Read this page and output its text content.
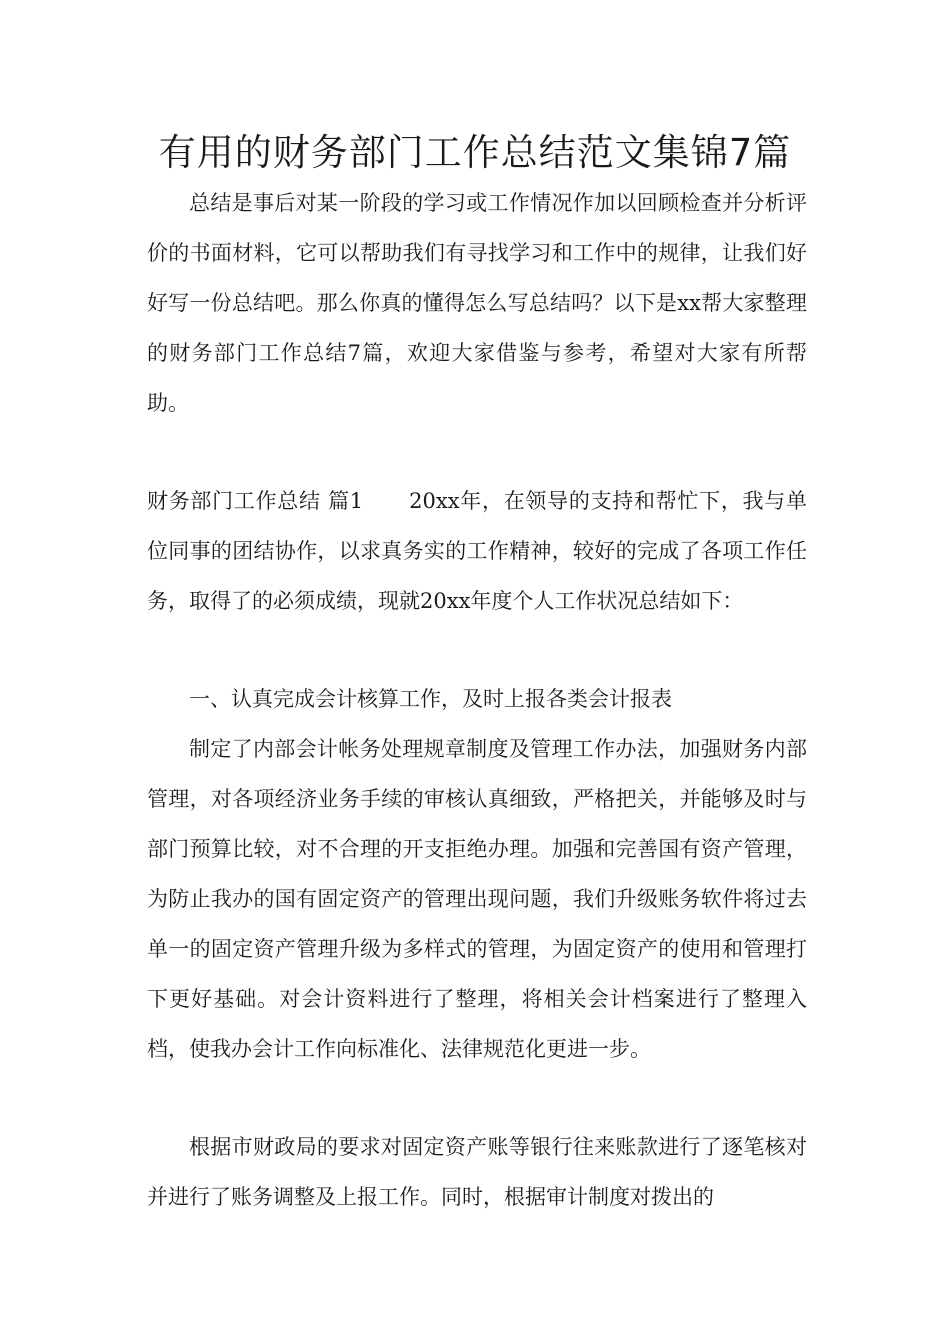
有用的财务部门工作总结范文集锦7篇

总结是事后对某一阶段的学习或工作情况作加以回顾检查并分析评价的书面材料，它可以帮助我们有寻找学习和工作中的规律，让我们好好写一份总结吧。那么你真的懂得怎么写总结吗？以下是xx帮大家整理的财务部门工作总结7篇，欢迎大家借鉴与参考，希望对大家有所帮助。

财务部门工作总结 篇1 20xx年，在领导的支持和帮忙下，我与单位同事的团结协作，以求真务实的工作精神，较好的完成了各项工作任务，取得了的必须成绩，现就20xx年度个人工作状况总结如下：

一、认真完成会计核算工作，及时上报各类会计报表

制定了内部会计帐务处理规章制度及管理工作办法，加强财务内部管理，对各项经济业务手续的审核认真细致，严格把关，并能够及时与部门预算比较，对不合理的开支拒绝办理。加强和完善国有资产管理，为防止我办的国有固定资产的管理出现问题，我们升级账务软件将过去单一的固定资产管理升级为多样式的管理，为固定资产的使用和管理打下更好基础。对会计资料进行了整理，将相关会计档案进行了整理入档，使我办会计工作向标准化、法律规范化更进一步。

根据市财政局的要求对固定资产账等银行往来账款进行了逐笔核对并进行了账务调整及上报工作。同时，根据审计制度对拨出的
